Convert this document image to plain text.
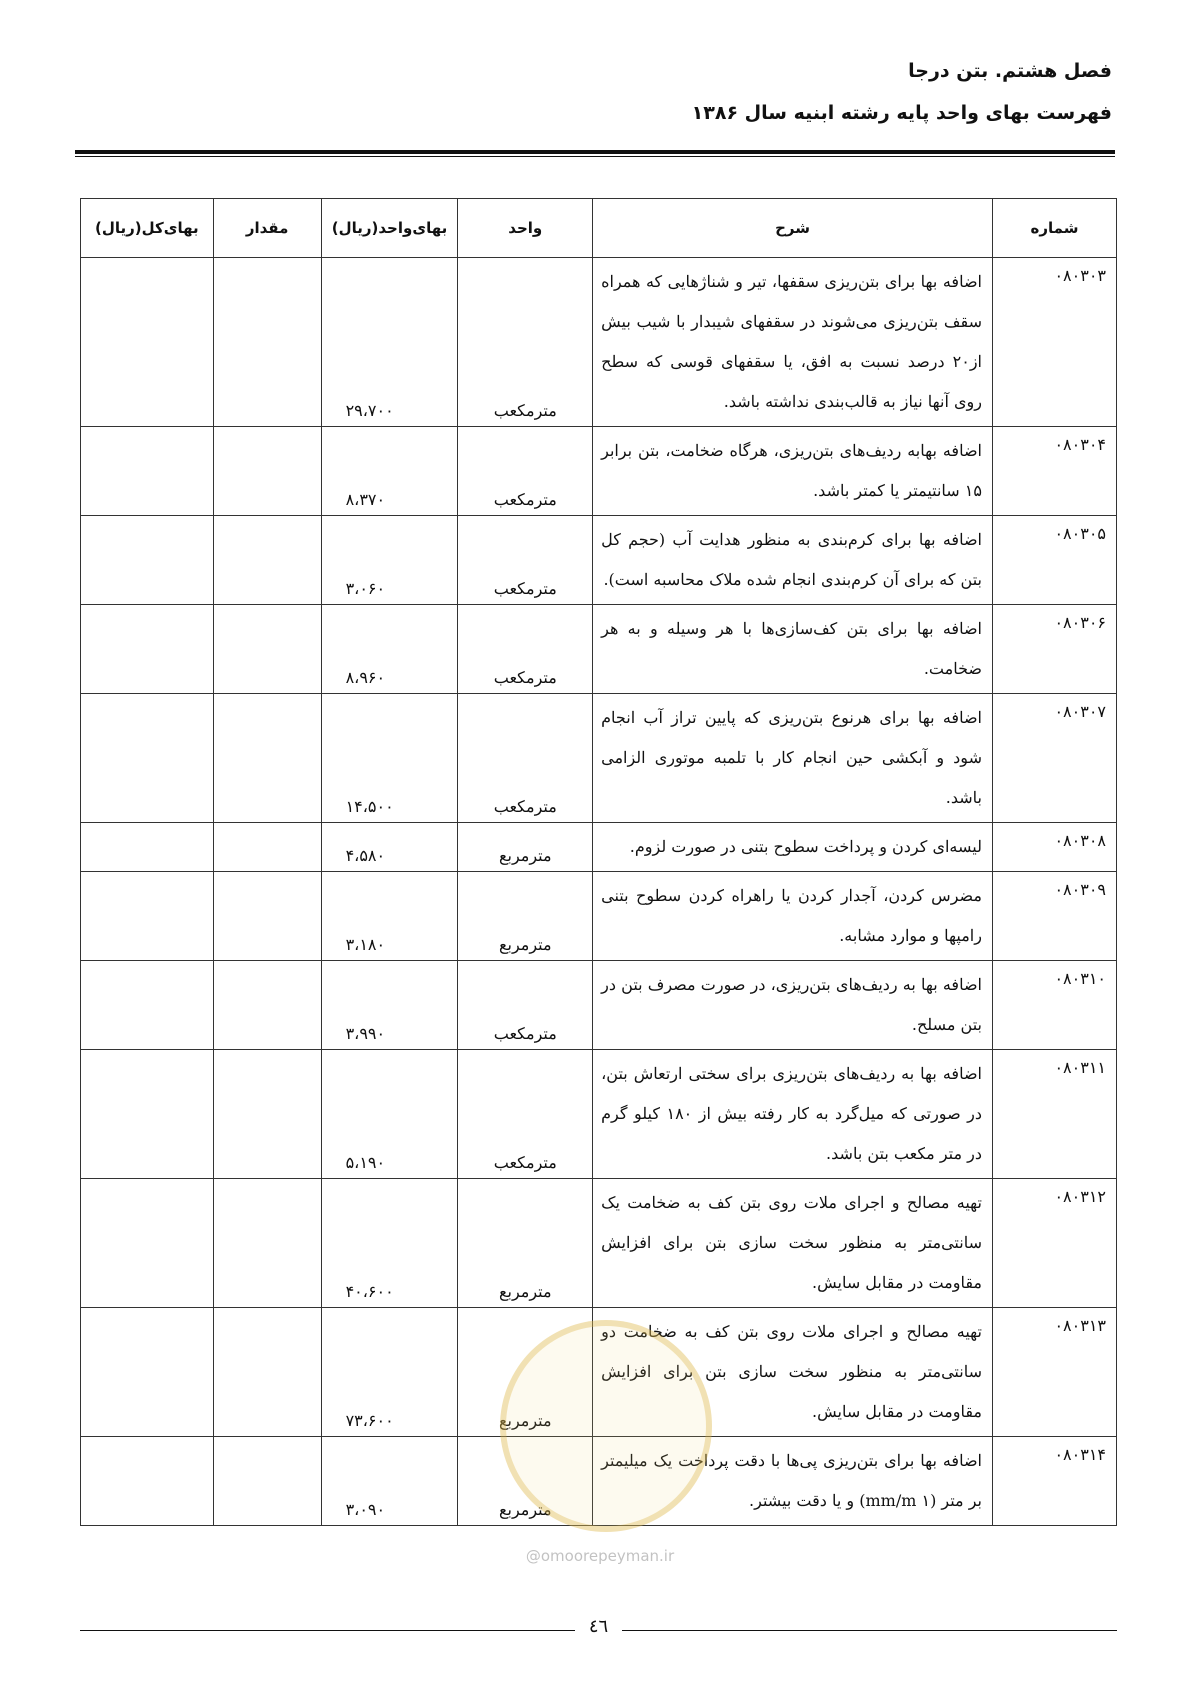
فصل هشتم. بتن درجا
فهرست بهای واحد پایه رشته ابنیه سال ۱۳۸۶
شماره	شرح	واحد	بهای‌واحد(ریال)	مقدار	بهای‌کل(ریال)
۰۸۰۳۰۳	اضافه بها برای بتن‌ریزی سقفها، تیر و شناژهایی که همراه سقف بتن‌ریزی می‌شوند در سقفهای شیبدار با شیب بیش از۲۰ درصد نسبت به افق، یا سقفهای قوسی که سطح روی آنها نیاز به قالب‌بندی نداشته باشد.	مترمکعب	۲۹،۷۰۰		
۰۸۰۳۰۴	اضافه بهابه ردیف‌های بتن‌ریزی، هرگاه ضخامت، بتن برابر ۱۵ سانتیمتر یا کمتر باشد.	مترمکعب	۸،۳۷۰		
۰۸۰۳۰۵	اضافه بها برای کرم‌بندی به منظور هدایت آب (حجم کل بتن که برای آن کرم‌بندی انجام شده ملاک محاسبه است).	مترمکعب	۳،۰۶۰		
۰۸۰۳۰۶	اضافه بها برای بتن کف‌سازی‌ها با هر وسیله و به هر ضخامت.	مترمکعب	۸،۹۶۰		
۰۸۰۳۰۷	اضافه بها برای هرنوع بتن‌ریزی که پایین تراز آب انجام شود و آبکشی حین انجام کار با تلمبه موتوری الزامی باشد.	مترمکعب	۱۴،۵۰۰		
۰۸۰۳۰۸	لیسه‌ای کردن و پرداخت سطوح بتنی در صورت لزوم.	مترمربع	۴،۵۸۰		
۰۸۰۳۰۹	مضرس کردن، آجدار کردن یا راهراه کردن سطوح بتنی رامپها و موارد مشابه.	مترمربع	۳،۱۸۰		
۰۸۰۳۱۰	اضافه بها به ردیف‌های بتن‌ریزی، در صورت مصرف بتن در بتن مسلح.	مترمکعب	۳،۹۹۰		
۰۸۰۳۱۱	اضافه بها به ردیف‌های بتن‌ریزی برای سختی ارتعاش بتن، در صورتی که میل‌گرد به کار رفته بیش از ۱۸۰ کیلو گرم در متر مکعب بتن باشد.	مترمکعب	۵،۱۹۰		
۰۸۰۳۱۲	تهیه مصالح و اجرای ملات روی بتن کف به ضخامت یک سانتی‌متر به منظور سخت سازی بتن برای افزایش مقاومت در مقابل سایش.	مترمربع	۴۰،۶۰۰		
۰۸۰۳۱۳	تهیه مصالح و اجرای ملات روی بتن کف به ضخامت دو سانتی‌متر به منظور سخت سازی بتن برای افزایش مقاومت در مقابل سایش.	مترمربع	۷۳،۶۰۰		
۰۸۰۳۱۴	اضافه بها برای بتن‌ریزی پی‌ها با دقت پرداخت یک میلیمتر بر متر (۱ mm/m) و یا دقت بیشتر.	مترمربع	۳،۰۹۰		
@omoorepeyman.ir
٤٦
